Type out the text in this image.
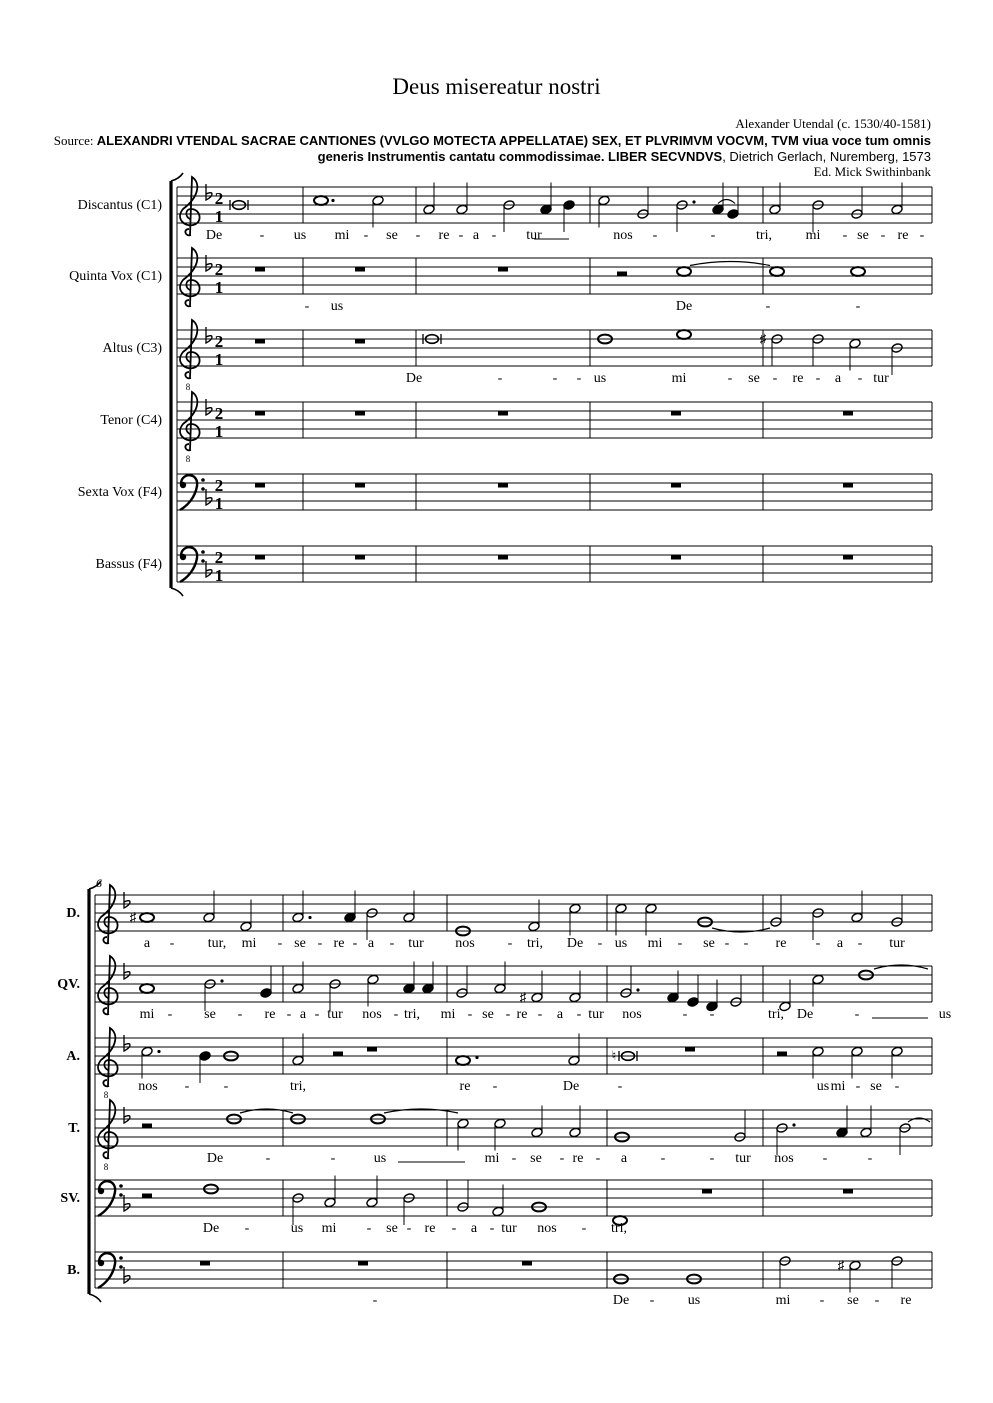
Deus misereatur nostri
Alexander Utendal (c. 1530/40-1581)
Source: ALEXANDRI VTENDAL SACRAE CANTIONES (VVLGO MOTECTA APPELLATAE) SEX, ET PLVRIMVM VOCVM, TVM viua voce tum omnis generis Instrumentis cantatu commodissimae. LIBER SECVNDVS, Dietrich Gerlach, Nuremberg, 1573
Ed. Mick Swithinbank
Discantus (C1)	2
1
Quinta Vox (C1)	2
1
Altus (C3)
8
2
1
Tenor (C4)
8
2
1
Sexta Vox (F4)	2
1
Bassus (F4)	2
1
D.
QV.
A.
8
T.
8
SV.
B.
6
♯
♯
♯
♮
♯
De	- us mi - se - re - a - tur	nos -	-	tri, mi - se - re -
De	-	-
- us
De	-	- - us	mi	- se - re - a - tur
a - tur, mi - se - re - a - tur nos - tri, De - us mi - se - - re - a - tur
mi - se - re - a - tur nos - tri, mi - se - re - a - tur nos	- -	tri, De	-	us
nos - -	tri,	De	-	us mi - se -
re -
De	-	-	us	mi - se - re - a -	- tur nos -	-
De -	us mi - se - re - a - tur nos - tri,
De - us	mi - se - re
-
